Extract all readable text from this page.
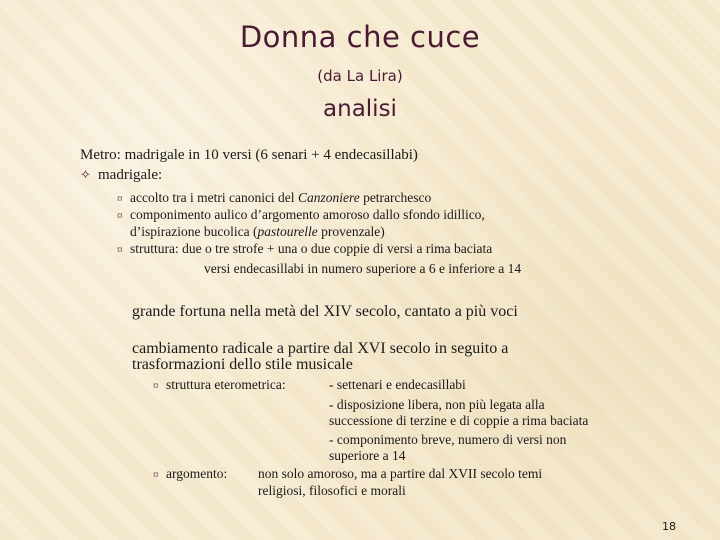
Donna che cuce
(da La Lira)
analisi
Metro: madrigale in 10 versi (6 senari + 4 endecasillabi)
✧ madrigale:
¤ accolto tra i metri canonici del Canzoniere petrarchesco
¤ componimento aulico d’argomento amoroso dallo sfondo idillico,
d’ispirazione bucolica (pastourelle provenzale)
¤ struttura: due o tre strofe + una o due coppie di versi a rima baciata
versi endecasillabi in numero superiore a 6 e inferiore a 14
grande fortuna nella metà del XIV secolo, cantato a più voci
cambiamento radicale a partire dal XVI secolo in seguito a
trasformazioni dello stile musicale
¤ struttura eterometrica:	- settenari e endecasillabi
- disposizione libera, non più legata alla
successione di terzine e di coppie a rima baciata
- componimento breve, numero di versi non
superiore a 14
¤ argomento: non solo amoroso, ma a partire dal XVII secolo temi
religiosi, filosofici e morali
18
